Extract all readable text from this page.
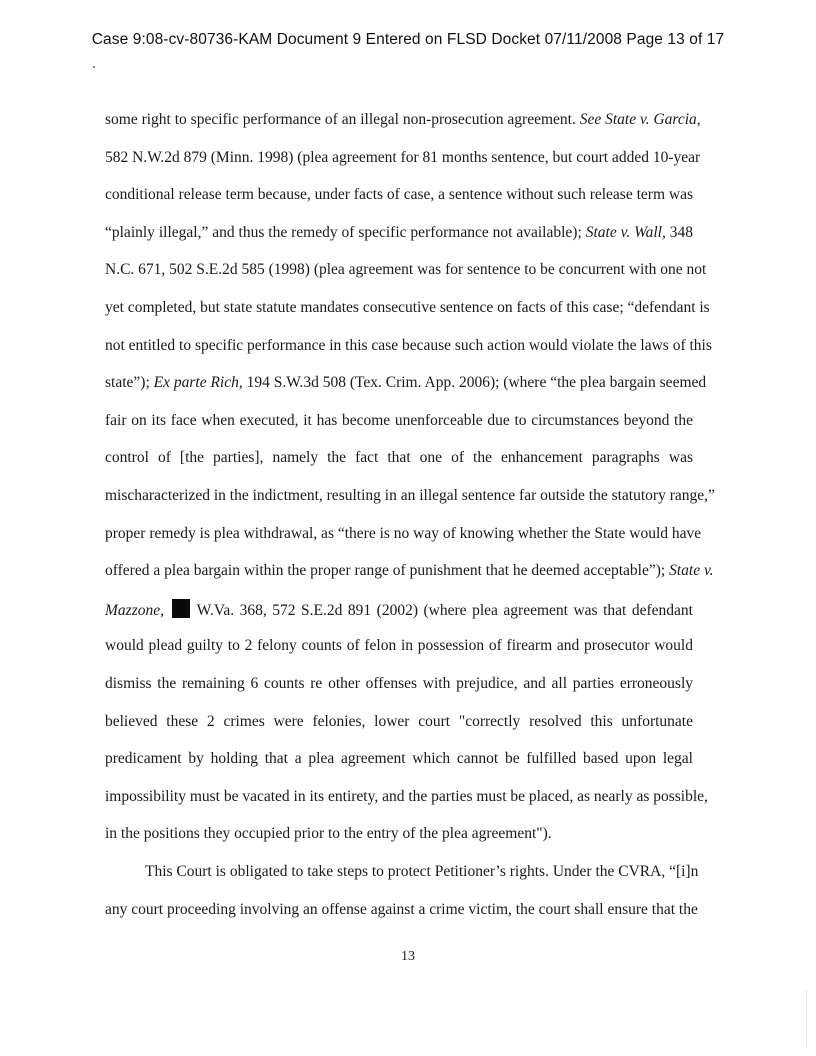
Case 9:08-cv-80736-KAM Document 9 Entered on FLSD Docket 07/11/2008 Page 13 of 17
some right to specific performance of an illegal non-prosecution agreement. See State v. Garcia,
582 N.W.2d 879 (Minn. 1998) (plea agreement for 81 months sentence, but court added 10-year
conditional release term because, under facts of case, a sentence without such release term was
“plainly illegal,” and thus the remedy of specific performance not available); State v. Wall, 348
N.C. 671, 502 S.E.2d 585 (1998) (plea agreement was for sentence to be concurrent with one not
yet completed, but state statute mandates consecutive sentence on facts of this case; “defendant is
not entitled to specific performance in this case because such action would violate the laws of this
state”); Ex parte Rich, 194 S.W.3d 508 (Tex. Crim. App. 2006); (where “the plea bargain seemed
fair on its face when executed, it has become unenforceable due to circumstances beyond the
control of [the parties], namely the fact that one of the enhancement paragraphs was
mischaracterized in the indictment, resulting in an illegal sentence far outside the statutory range,”
proper remedy is plea withdrawal, as “there is no way of knowing whether the State would have
offered a plea bargain within the proper range of punishment that he deemed acceptable”); State v.
Mazzone, W.Va. 368, 572 S.E.2d 891 (2002) (where plea agreement was that defendant
would plead guilty to 2 felony counts of felon in possession of firearm and prosecutor would
dismiss the remaining 6 counts re other offenses with prejudice, and all parties erroneously
believed these 2 crimes were felonies, lower court "correctly resolved this unfortunate
predicament by holding that a plea agreement which cannot be fulfilled based upon legal
impossibility must be vacated in its entirety, and the parties must be placed, as nearly as possible,
in the positions they occupied prior to the entry of the plea agreement").
This Court is obligated to take steps to protect Petitioner’s rights. Under the CVRA, “[i]n
any court proceeding involving an offense against a crime victim, the court shall ensure that the
13
